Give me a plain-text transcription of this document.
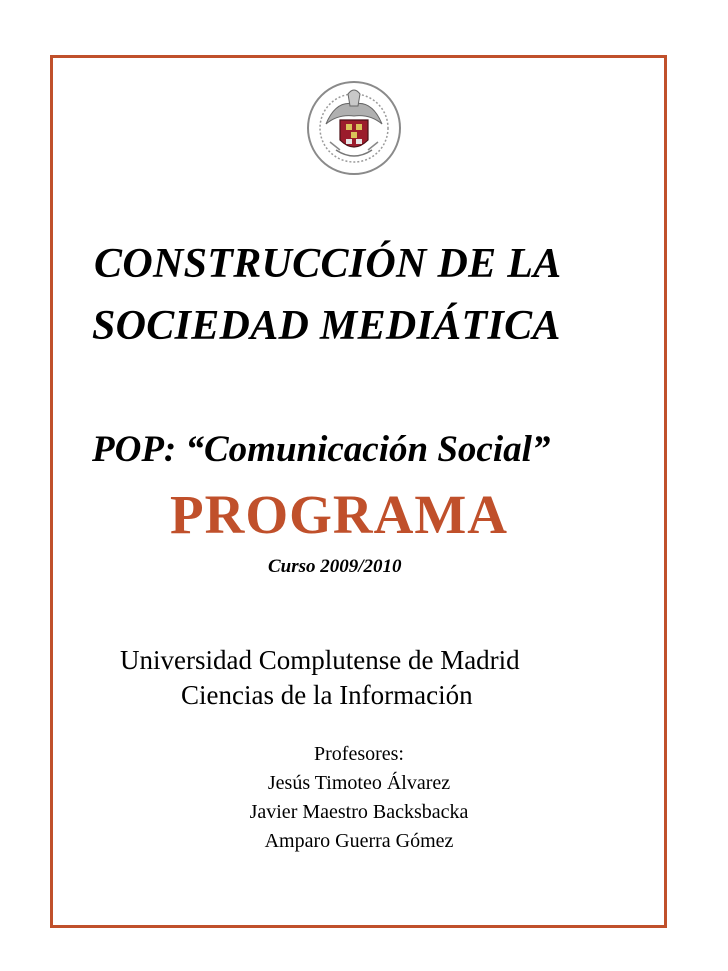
CONSTRUCCIÓN DE LA
SOCIEDAD MEDIÁTICA
POP: “Comunicación Social”
PROGRAMA
Curso 2009/2010
Universidad Complutense de Madrid
Ciencias de la Información
Profesores:
Jesús Timoteo Álvarez
Javier Maestro Backsbacka
Amparo Guerra Gómez
